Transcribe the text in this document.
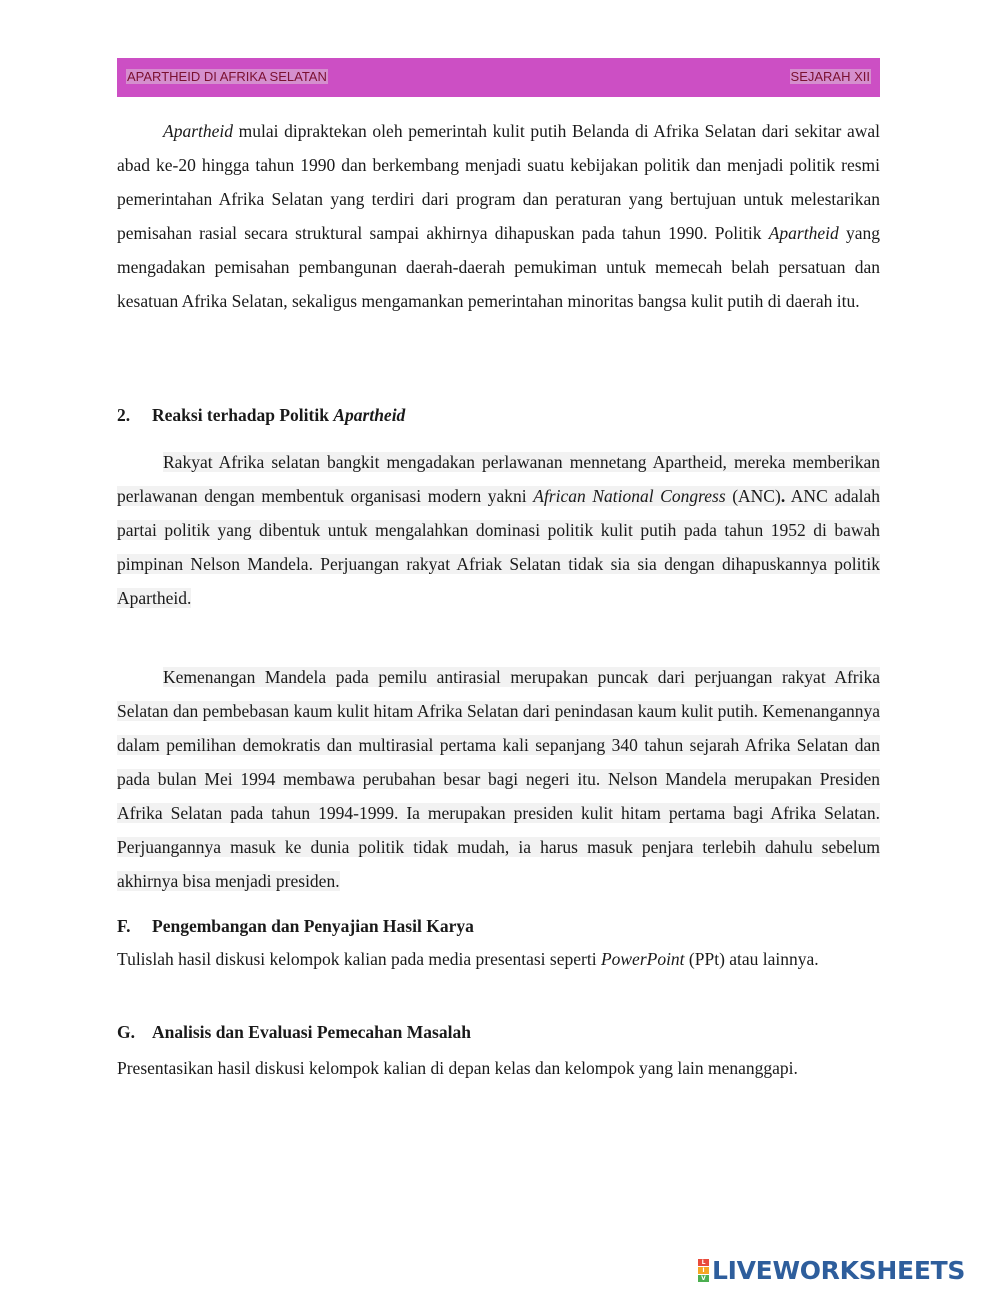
APARTHEID DI AFRIKA SELATAN	SEJARAH XII

Apartheid mulai dipraktekan oleh pemerintah kulit putih Belanda di Afrika Selatan dari sekitar awal abad ke-20 hingga tahun 1990 dan berkembang menjadi suatu kebijakan politik dan menjadi politik resmi pemerintahan Afrika Selatan yang terdiri dari program dan peraturan yang bertujuan untuk melestarikan pemisahan rasial secara struktural sampai akhirnya dihapuskan pada tahun 1990. Politik Apartheid yang mengadakan pemisahan pembangunan daerah-daerah pemukiman untuk memecah belah persatuan dan kesatuan Afrika Selatan, sekaligus mengamankan pemerintahan minoritas bangsa kulit putih di daerah itu.

2. Reaksi terhadap Politik Apartheid

Rakyat Afrika selatan bangkit mengadakan perlawanan mennetang Apartheid, mereka memberikan perlawanan dengan membentuk organisasi modern yakni African National Congress (ANC). ANC adalah partai politik yang dibentuk untuk mengalahkan dominasi politik kulit putih pada tahun 1952 di bawah pimpinan Nelson Mandela. Perjuangan rakyat Afriak Selatan tidak sia sia dengan dihapuskannya politik Apartheid.

Kemenangan Mandela pada pemilu antirasial merupakan puncak dari perjuangan rakyat Afrika Selatan dan pembebasan kaum kulit hitam Afrika Selatan dari penindasan kaum kulit putih. Kemenangannya dalam pemilihan demokratis dan multirasial pertama kali sepanjang 340 tahun sejarah Afrika Selatan dan pada bulan Mei 1994 membawa perubahan besar bagi negeri itu. Nelson Mandela merupakan Presiden Afrika Selatan pada tahun 1994-1999. Ia merupakan presiden kulit hitam pertama bagi Afrika Selatan. Perjuangannya masuk ke dunia politik tidak mudah, ia harus masuk penjara terlebih dahulu sebelum akhirnya bisa menjadi presiden.

F. Pengembangan dan Penyajian Hasil Karya
Tulislah hasil diskusi kelompok kalian pada media presentasi seperti PowerPoint (PPt) atau lainnya.
G. Analisis dan Evaluasi Pemecahan Masalah
Presentasikan hasil diskusi kelompok kalian di depan kelas dan kelompok yang lain menanggapi.
L
I
V LIVEWORKSHEETS
